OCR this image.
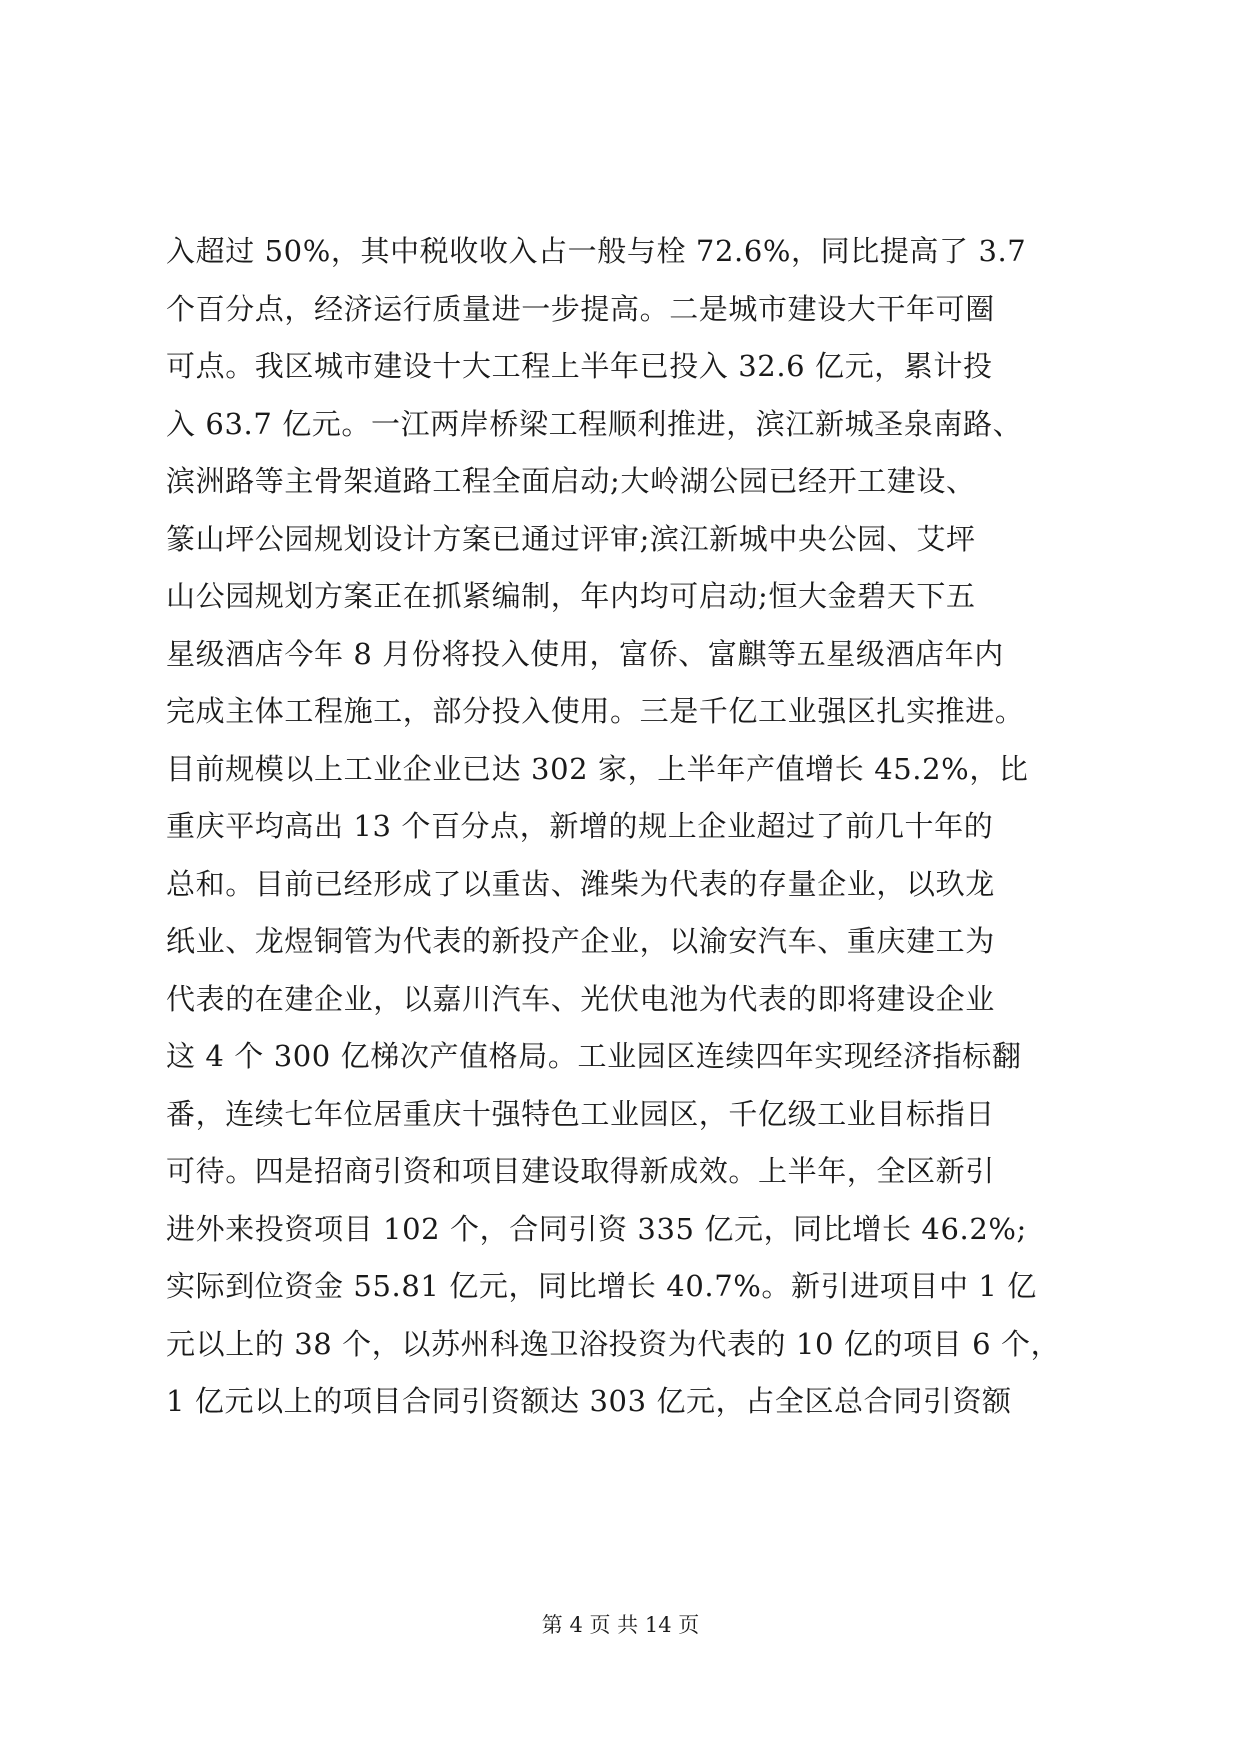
入超过 50%，其中税收收入占一般与栓 72.6%，同比提高了 3.7
个百分点，经济运行质量进一步提高。二是城市建设大干年可圈
可点。我区城市建设十大工程上半年已投入 32.6 亿元，累计投
入 63.7 亿元。一江两岸桥梁工程顺利推进，滨江新城圣泉南路、
滨洲路等主骨架道路工程全面启动;大岭湖公园已经开工建设、
篆山坪公园规划设计方案已通过评审;滨江新城中央公园、艾坪
山公园规划方案正在抓紧编制，年内均可启动;恒大金碧天下五
星级酒店今年 8 月份将投入使用，富侨、富麒等五星级酒店年内
完成主体工程施工，部分投入使用。三是千亿工业强区扎实推进。
目前规模以上工业企业已达 302 家，上半年产值增长 45.2%，比
重庆平均高出 13 个百分点，新增的规上企业超过了前几十年的
总和。目前已经形成了以重齿、潍柴为代表的存量企业，以玖龙
纸业、龙煜铜管为代表的新投产企业，以渝安汽车、重庆建工为
代表的在建企业，以嘉川汽车、光伏电池为代表的即将建设企业
这 4 个 300 亿梯次产值格局。工业园区连续四年实现经济指标翻
番，连续七年位居重庆十强特色工业园区，千亿级工业目标指日
可待。四是招商引资和项目建设取得新成效。上半年，全区新引
进外来投资项目 102 个，合同引资 335 亿元，同比增长 46.2%;
实际到位资金 55.81 亿元，同比增长 40.7%。新引进项目中 1 亿
元以上的 38 个，以苏州科逸卫浴投资为代表的 10 亿的项目 6 个，
1 亿元以上的项目合同引资额达 303 亿元，占全区总合同引资额
第 4 页 共 14 页
